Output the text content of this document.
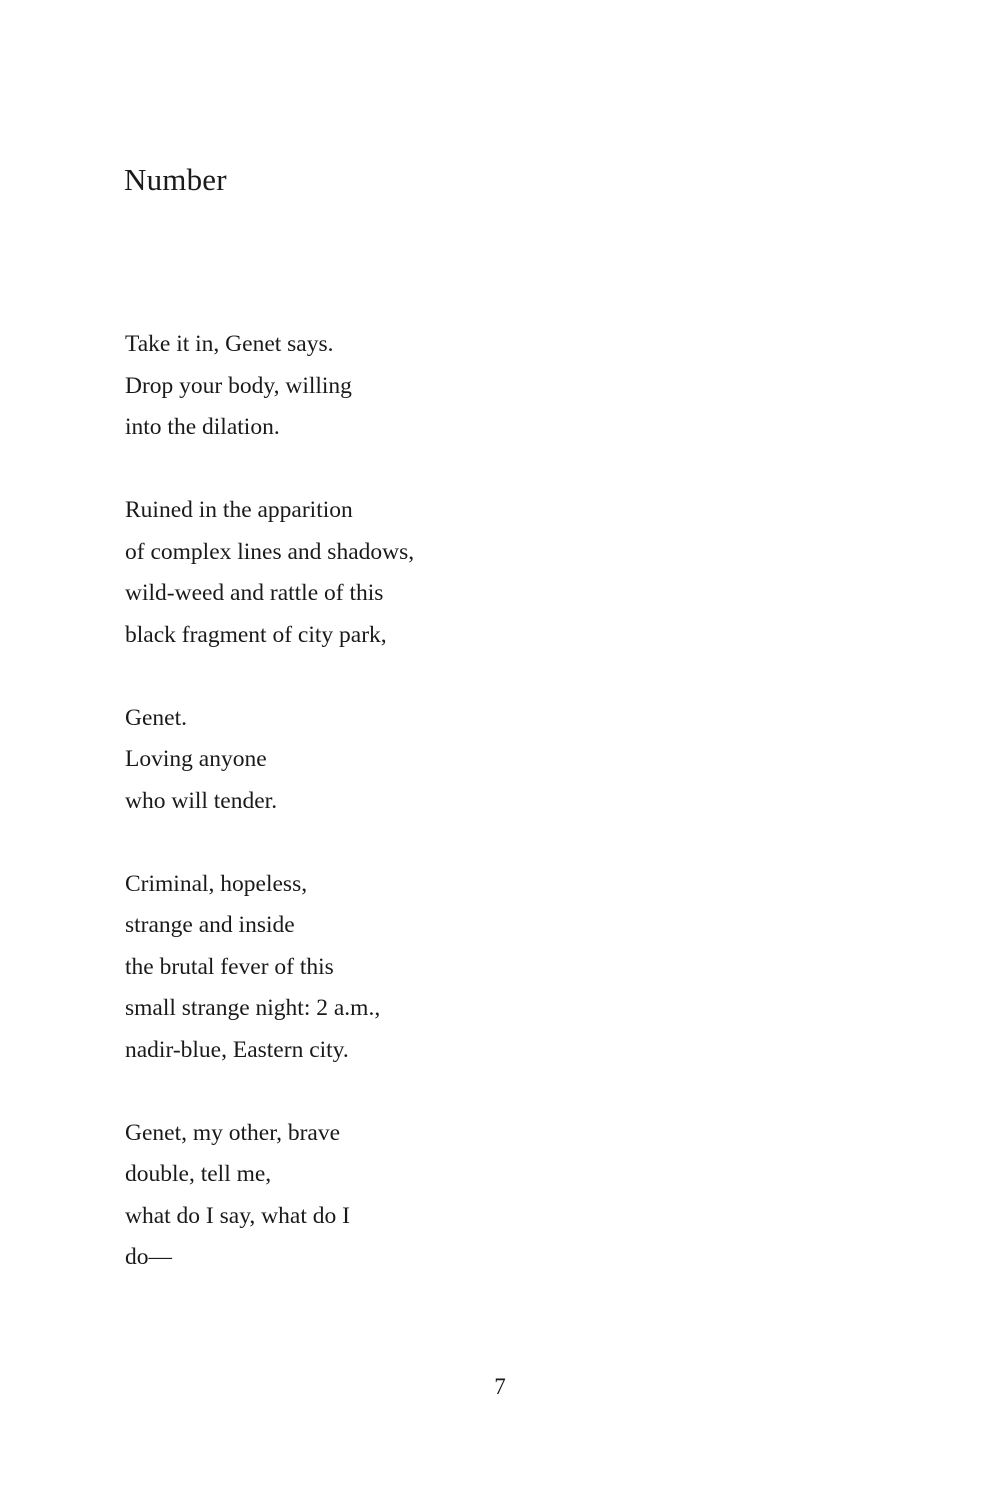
Number
Take it in, Genet says.
Drop your body, willing
into the dilation.
Ruined in the apparition
of complex lines and shadows,
wild-weed and rattle of this
black fragment of city park,
Genet.
Loving anyone
who will tender.
Criminal, hopeless,
strange and inside
the brutal fever of this
small strange night: 2 a.m.,
nadir-blue, Eastern city.
Genet, my other, brave
double, tell me,
what do I say, what do I
do—
7
